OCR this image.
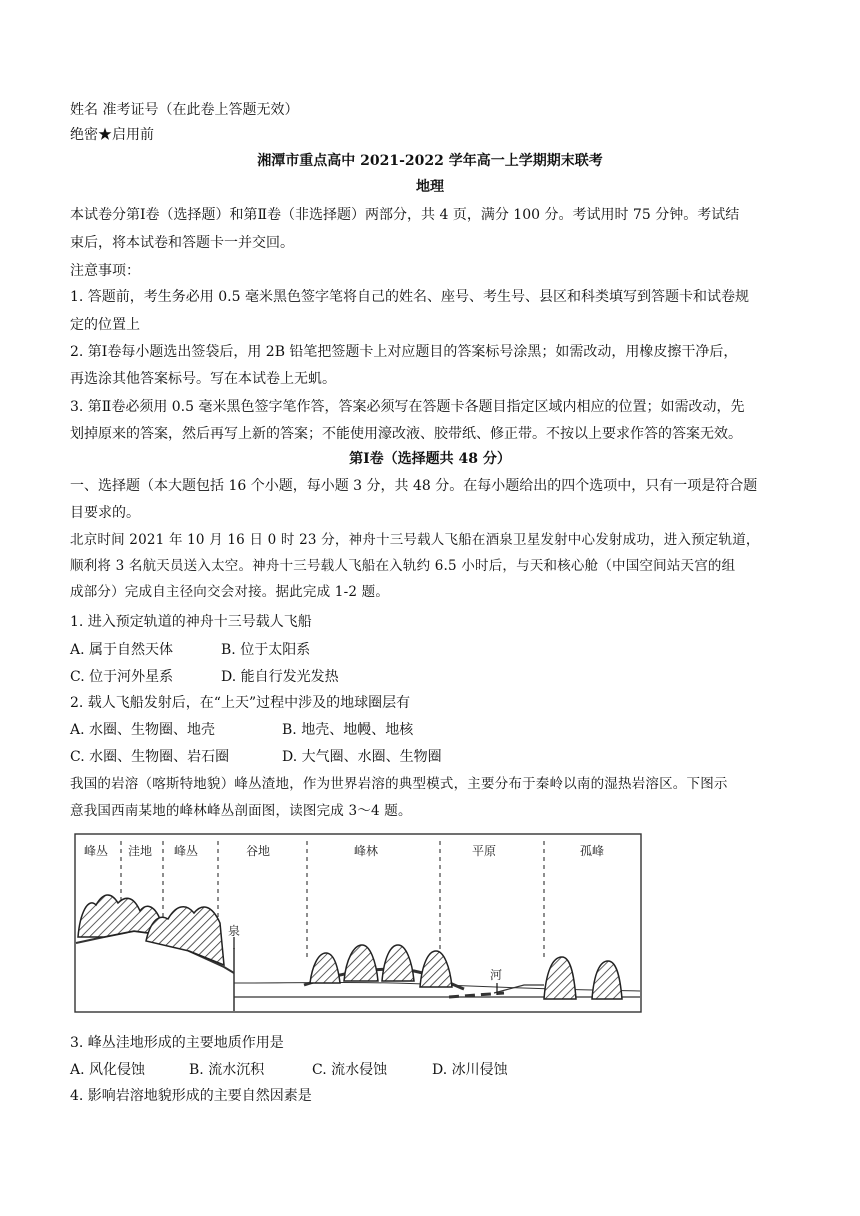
姓名 准考证号（在此卷上答题无效）
绝密★启用前
湘潭市重点高中 2021-2022 学年高一上学期期末联考
地理
本试卷分第Ⅰ卷（选择题）和第Ⅱ卷（非选择题）两部分，共 4 页，满分 100 分。考试用时 75 分钟。考试结
束后，将本试卷和答题卡一并交回。
注意事项：
1. 答题前，考生务必用 0.5 毫米黑色签字笔将自己的姓名、座号、考生号、县区和科类填写到答题卡和试卷规
定的位置上
2. 第Ⅰ卷每小题选出签袋后，用 2B 铅笔把签题卡上对应题目的答案标号涂黑；如需改动，用橡皮擦干净后，
再选涂其他答案标号。写在本试卷上无虮。
3. 第Ⅱ卷必须用 0.5 毫米黑色签字笔作答，答案必须写在答题卡各题目指定区域内相应的位置；如需改动，先
划掉原来的答案，然后再写上新的答案；不能使用濠改液、胶带纸、修正带。不按以上要求作答的答案无效。
第Ⅰ卷（选择题共 48 分）
一、选择题（本大题包括 16 个小题，每小题 3 分，共 48 分。在每小题给出的四个选项中，只有一项是符合题
目要求的。
北京时间 2021 年 10 月 16 日 0 时 23 分，神舟十三号载人飞船在酒泉卫星发射中心发射成功，进入预定轨道，
顺利将 3 名航天员送入太空。神舟十三号载人飞船在入轨约 6.5 小时后，与天和核心舱（中国空间站天宫的组
成部分）完成自主径向交会对接。据此完成 1-2 题。
1. 进入预定轨道的神舟十三号载人飞船
A. 属于自然天体	B. 位于太阳系
C. 位于河外星系	D. 能自行发光发热
2. 载人飞船发射后，在“上天”过程中涉及的地球圈层有
A. 水圈、生物圈、地壳	B. 地壳、地幔、地核
C. 水圈、生物圈、岩石圈	D. 大气圈、水圈、生物圈
我国的岩溶（喀斯特地貌）峰丛渣地，作为世界岩溶的典型模式，主要分布于秦岭以南的湿热岩溶区。下图示
意我国西南某地的峰林峰丛剖面图，读图完成 3～4 题。
峰丛 洼地 峰丛	谷地	峰林	平原	孤峰
泉
河
3. 峰丛洼地形成的主要地质作用是
A. 风化侵蚀	B. 流水沉积	C. 流水侵蚀	D. 冰川侵蚀
4. 影响岩溶地貌形成的主要自然因素是
